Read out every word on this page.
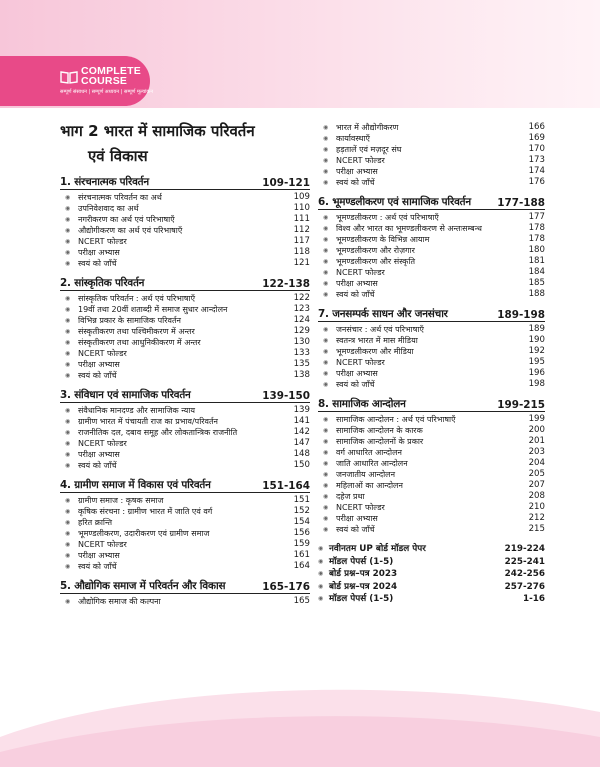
COMPLETE
COURSE
सम्पूर्ण संसाधन | सम्पूर्ण अध्ययन | सम्पूर्ण मूल्यांकन
भाग 2 भारत में सामाजिक परिवर्तन
एवं विकास
1. संरचनात्मक परिवर्तन	109-121
◉ संरचनात्मक परिवर्तन का अर्थ	109
◉ उपनिवेशवाद का अर्थ	110
◉ नगरीकरण का अर्थ एवं परिभाषाएँ	111
◉ औद्योगीकरण का अर्थ एवं परिभाषाएँ	112
◉ NCERT फोल्डर	117
◉ परीक्षा अभ्यास	118
◉ स्वयं को जाँचें	121
2. सांस्कृतिक परिवर्तन	122-138
◉ सांस्कृतिक परिवर्तन : अर्थ एवं परिभाषाएँ	122
◉ 19वीं तथा 20वीं शताब्दी में समाज सुधार आन्दोलन	123
◉ विभिन्न प्रकार के सामाजिक परिवर्तन	124
◉ संस्कृतीकरण तथा पश्चिमीकरण में अन्तर	129
◉ संस्कृतीकरण तथा आधुनिकीकरण में अन्तर	130
◉ NCERT फोल्डर	133
◉ परीक्षा अभ्यास	135
◉ स्वयं को जाँचें	138
3. संविधान एवं सामाजिक परिवर्तन	139-150
◉ संवैधानिक मानदण्ड और सामाजिक न्याय	139
◉ ग्रामीण भारत में पंचायती राज का प्रभाव/परिवर्तन	141
◉ राजनीतिक दल, दबाव समूह और लोकतान्त्रिक राजनीति	142
◉ NCERT फोल्डर	147
◉ परीक्षा अभ्यास	148
◉ स्वयं को जाँचें	150
4. ग्रामीण समाज में विकास एवं परिवर्तन	151-164
◉ ग्रामीण समाज : कृषक समाज	151
◉ कृषिक संरचना : ग्रामीण भारत में जाति एवं वर्ग	152
◉ हरित क्रान्ति	154
◉ भूमण्डलीकरण, उदारीकरण एवं ग्रामीण समाज	156
◉ NCERT फोल्डर	159
◉ परीक्षा अभ्यास	161
◉ स्वयं को जाँचें	164
5. औद्योगिक समाज में परिवर्तन और विकास	165-176
◉ औद्योगिक समाज की कल्पना	165
◉ भारत में औद्योगीकरण	166
◉ कार्यावस्थाएँ	169
◉ हड़तालें एवं मज़दूर संघ	170
◉ NCERT फोल्डर	173
◉ परीक्षा अभ्यास	174
◉ स्वयं को जाँचें	176
6. भूमण्डलीकरण एवं सामाजिक परिवर्तन	177-188
◉ भूमण्डलीकरण : अर्थ एवं परिभाषाएँ	177
◉ विश्व और भारत का भूमण्डलीकरण से अन्तःसम्बन्ध	178
◉ भूमण्डलीकरण के विभिन्न आयाम	178
◉ भूमण्डलीकरण और रोज़गार	180
◉ भूमण्डलीकरण और संस्कृति	181
◉ NCERT फोल्डर	184
◉ परीक्षा अभ्यास	185
◉ स्वयं को जाँचें	188
7. जनसम्पर्क साधन और जनसंचार	189-198
◉ जनसंचार : अर्थ एवं परिभाषाएँ	189
◉ स्वतन्त्र भारत में मास मीडिया	190
◉ भूमण्डलीकरण और मीडिया	192
◉ NCERT फोल्डर	195
◉ परीक्षा अभ्यास	196
◉ स्वयं को जाँचें	198
8. सामाजिक आन्दोलन	199-215
◉ सामाजिक आन्दोलन : अर्थ एवं परिभाषाएँ	199
◉ सामाजिक आन्दोलन के कारक	200
◉ सामाजिक आन्दोलनों के प्रकार	201
◉ वर्ग आधारित आन्दोलन	203
◉ जाति आधारित आन्दोलन	204
◉ जनजातीय आन्दोलन	205
◉ महिलाओं का आन्दोलन	207
◉ दहेज प्रथा	208
◉ NCERT फोल्डर	210
◉ परीक्षा अभ्यास	212
◉ स्वयं को जाँचें	215
◉ नवीनतम UP बोर्ड मॉडल पेपर	219-224
◉ मॉडल पेपर्स (1-5)	225-241
◉ बोर्ड प्रश्न–पत्र 2023	242-256
◉ बोर्ड प्रश्न–पत्र 2024	257-276
◉ मॉडल पेपर्स (1-5)	1-16
